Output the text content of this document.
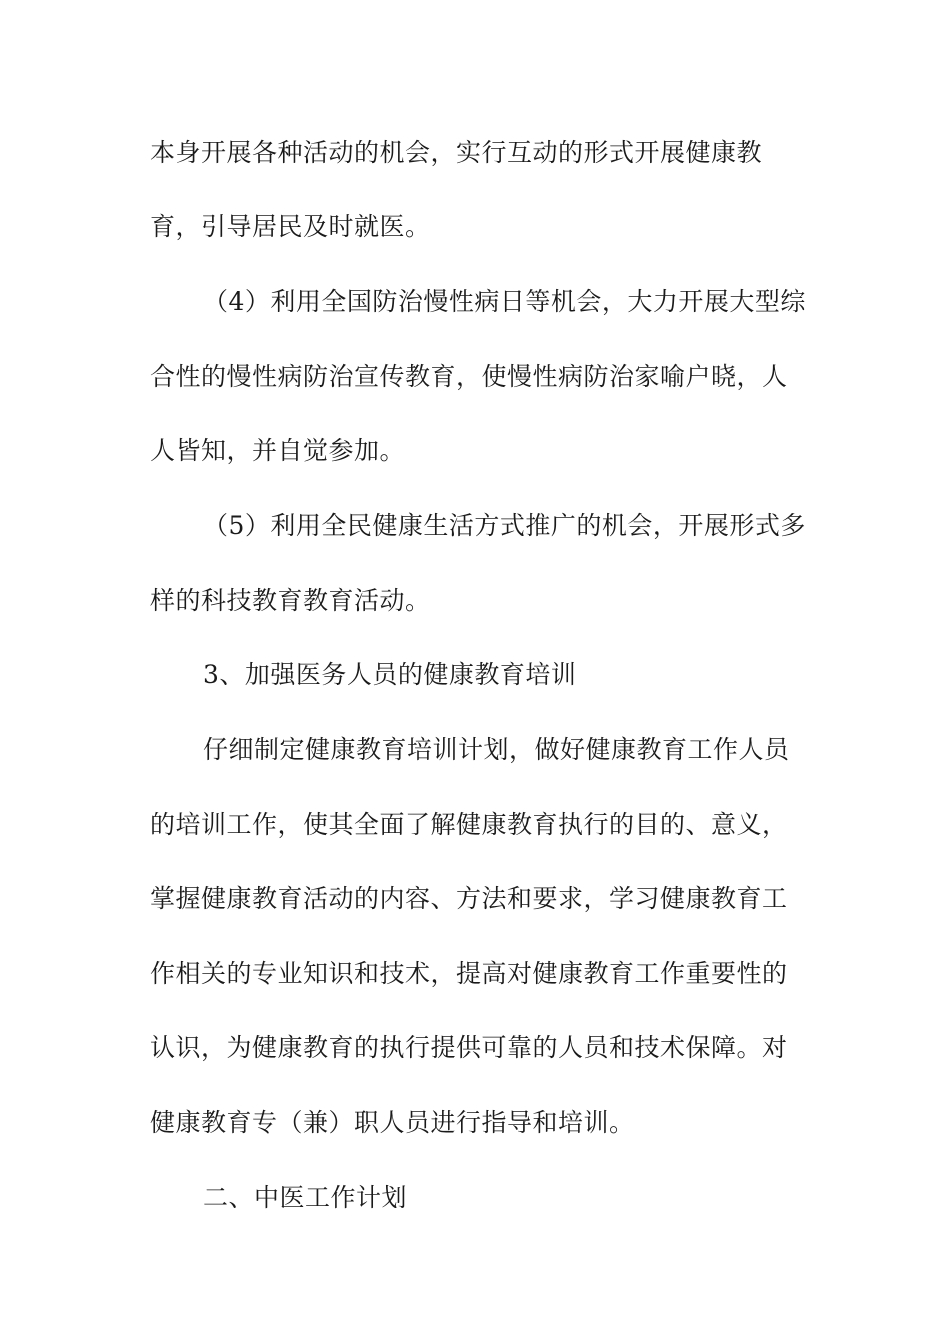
本身开展各种活动的机会，实行互动的形式开展健康教

育，引导居民及时就医。

（4）利用全国防治慢性病日等机会，大力开展大型综

合性的慢性病防治宣传教育，使慢性病防治家喻户晓，人

人皆知，并自觉参加。

（5）利用全民健康生活方式推广的机会，开展形式多

样的科技教育教育活动。

3、加强医务人员的健康教育培训

仔细制定健康教育培训计划，做好健康教育工作人员

的培训工作，使其全面了解健康教育执行的目的、意义，

掌握健康教育活动的内容、方法和要求，学习健康教育工

作相关的专业知识和技术，提高对健康教育工作重要性的

认识，为健康教育的执行提供可靠的人员和技术保障。对

健康教育专（兼）职人员进行指导和培训。

二、中医工作计划
